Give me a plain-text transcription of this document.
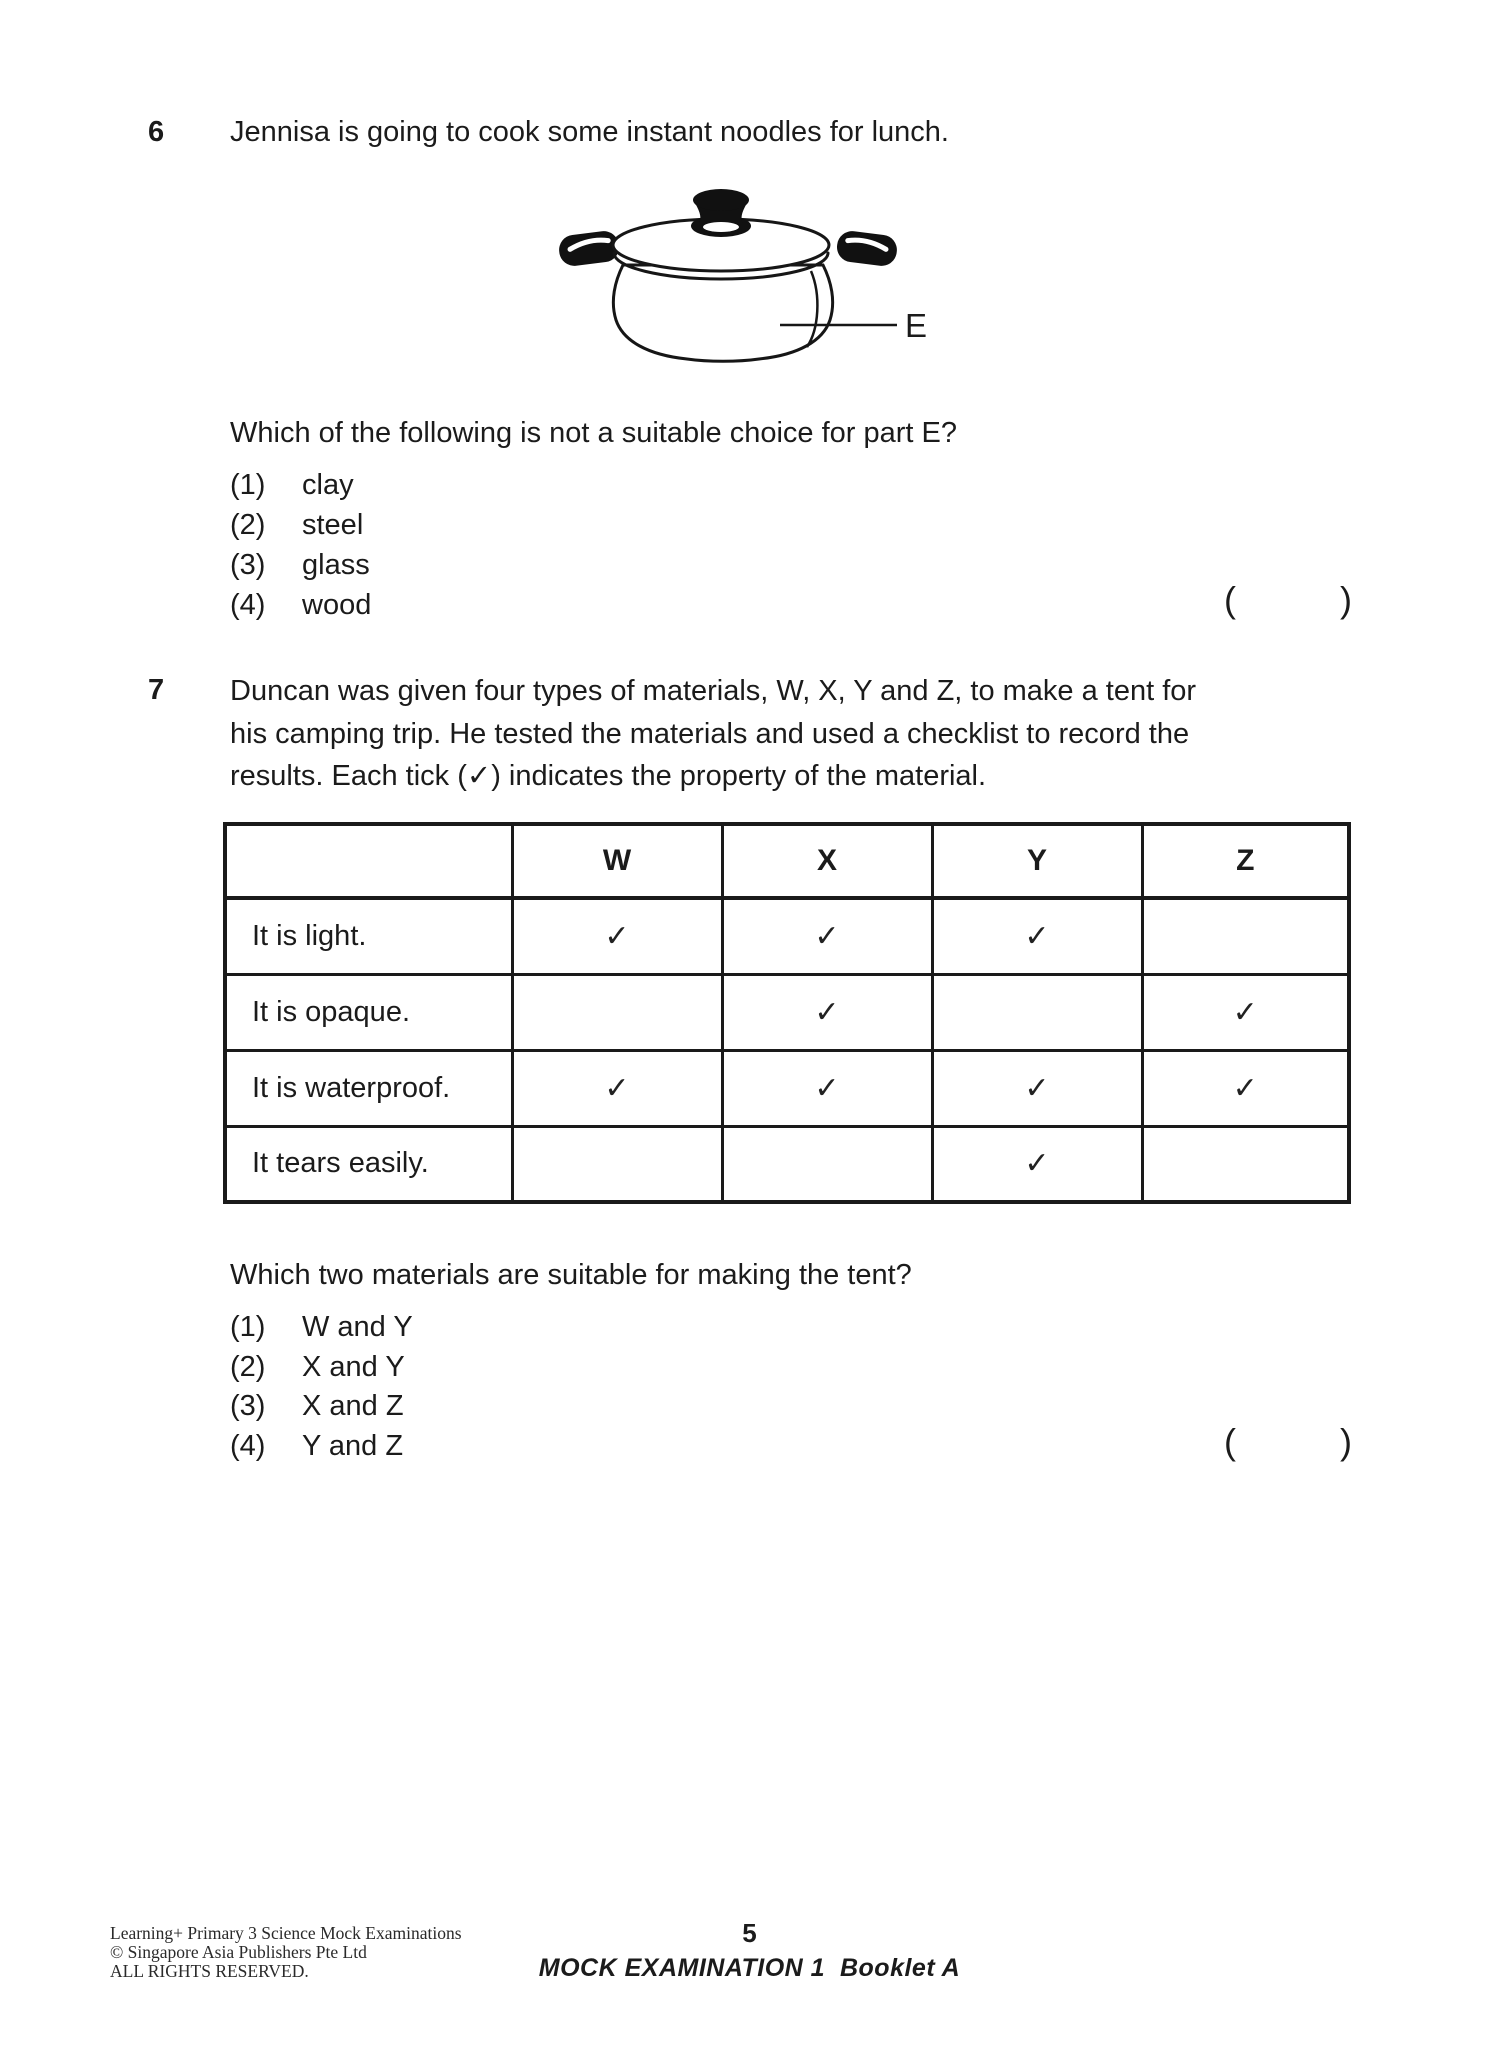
6 Jennisa is going to cook some instant noodles for lunch.
E
Which of the following is not a suitable choice for part E?
(1)	clay
(2)	steel
(3)	glass
(4)	wood	(	)
7 Duncan was given four types of materials, W, X, Y and Z, to make a tent for
his camping trip. He tested the materials and used a checklist to record the
results. Each tick (✓) indicates the property of the material.
	W	X	Y	Z
It is light.	✓	✓	✓	
It is opaque.		✓		✓
It is waterproof.	✓	✓	✓	✓
It tears easily.			✓	
Which two materials are suitable for making the tent?
(1)	W and Y
(2)	X and Y
(3)	X and Z
(4)	Y and Z	(	)
Learning+ Primary 3 Science Mock Examinations
© Singapore Asia Publishers Pte Ltd
ALL RIGHTS RESERVED.
5
MOCK EXAMINATION 1  Booklet A
